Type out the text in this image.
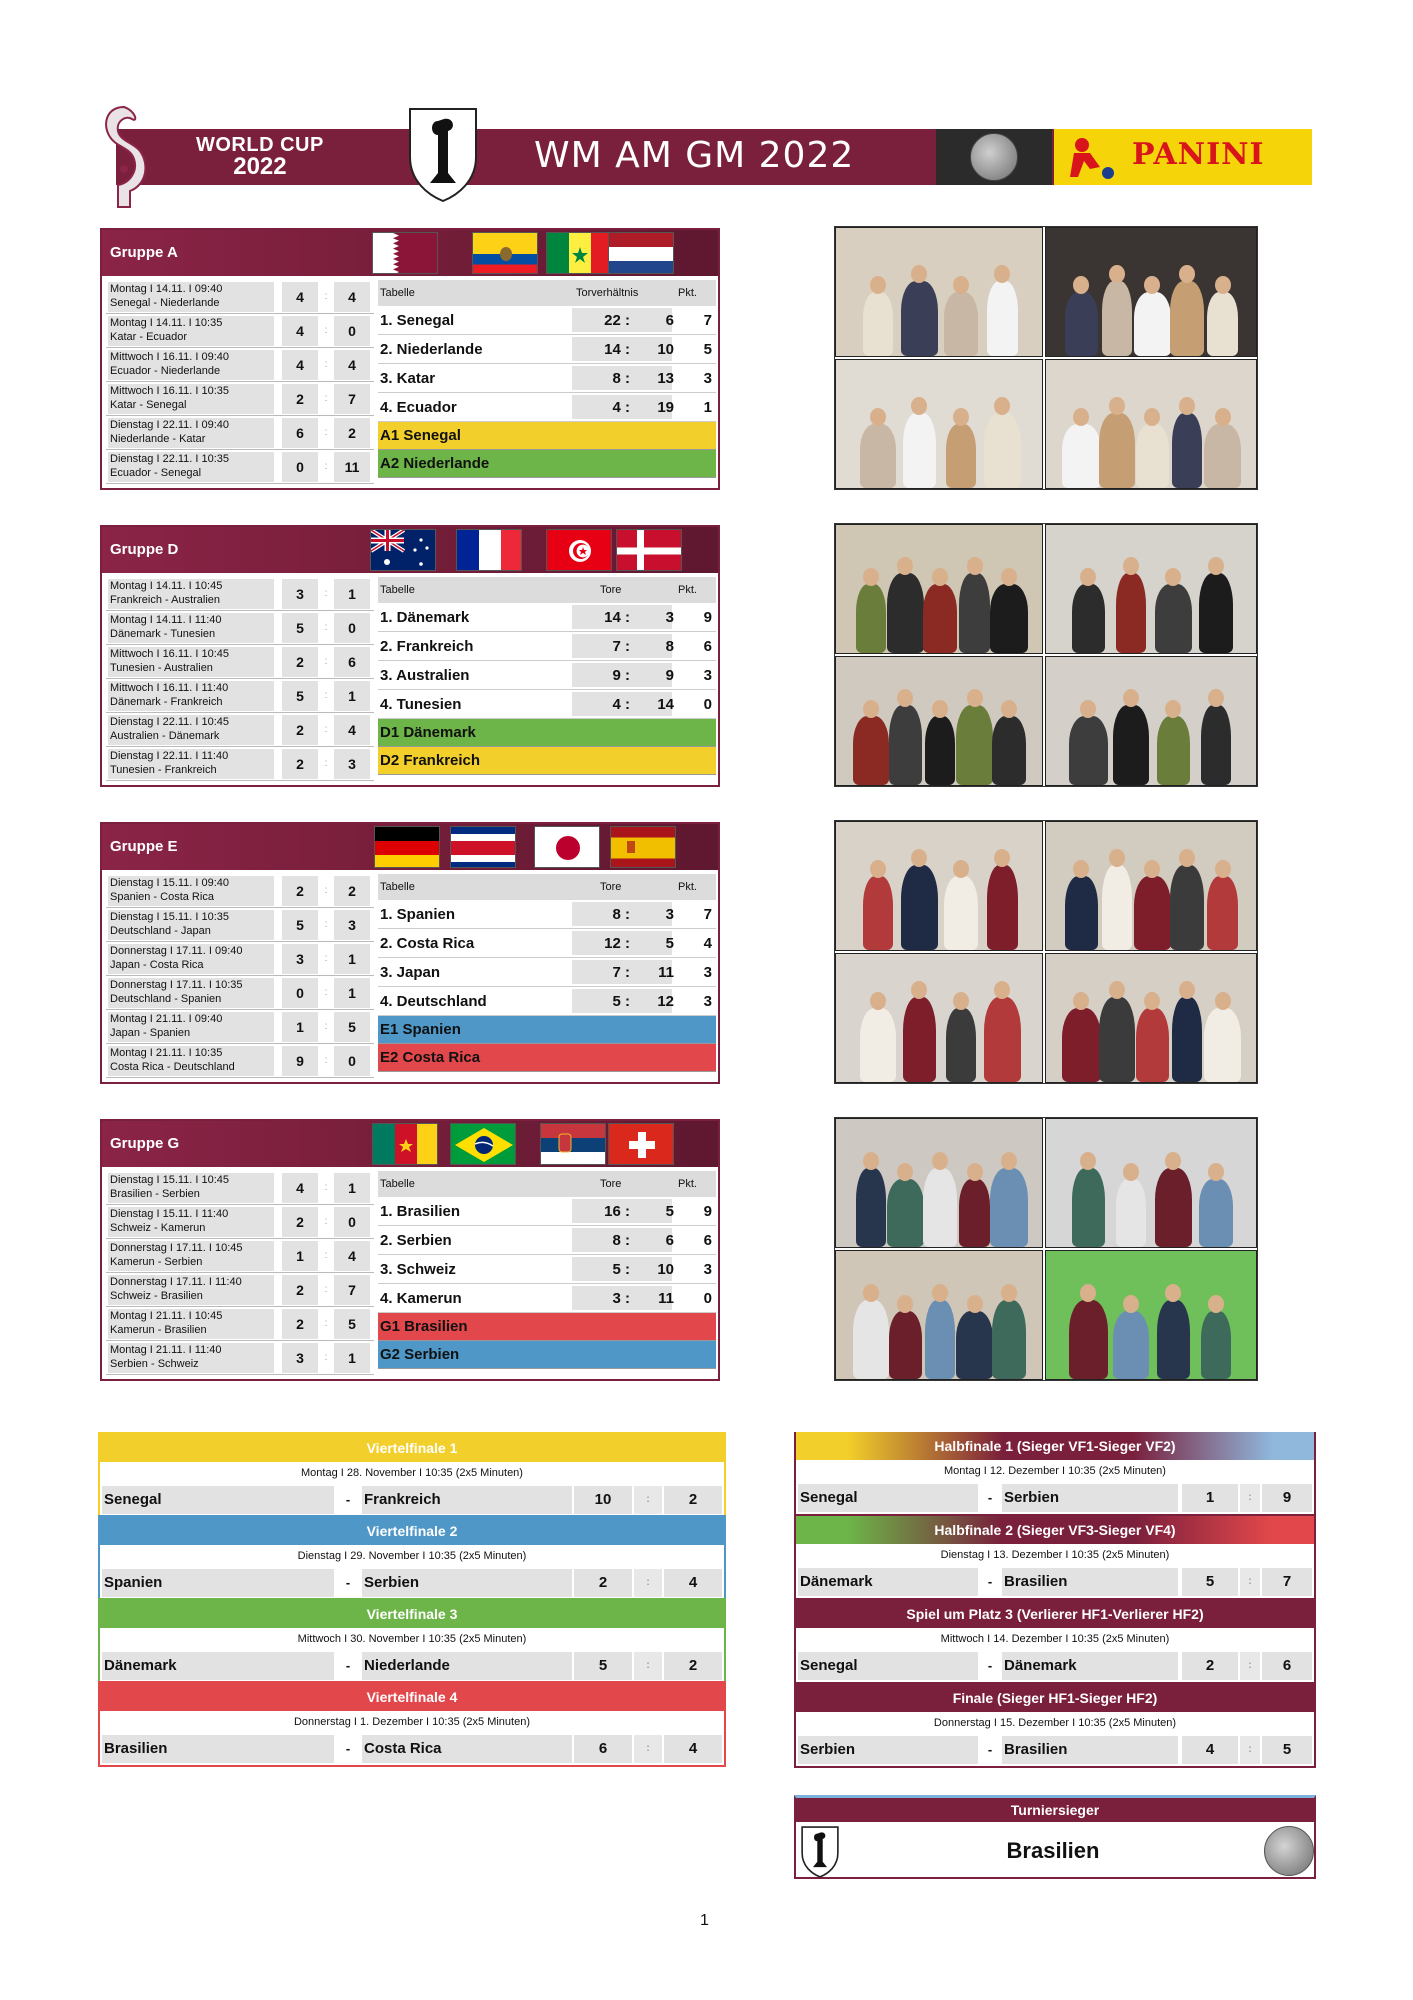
WORLD CUP
2022	WM AM GM 2022	PANINI
Gruppe A
Montag I 14.11. I 09:40
Senegal - Niederlande	4	:	4
Montag I 14.11. I 10:35
Katar - Ecuador	4	:	0
Mittwoch I 16.11. I 09:40
Ecuador - Niederlande	4	:	4
Mittwoch I 16.11. I 10:35
Katar - Senegal	2	:	7
Dienstag I 22.11. I 09:40
Niederlande - Katar	6	:	2
Dienstag I 22.11. I 10:35
Ecuador - Senegal	0	:	11
Tabelle	Torverhältnis	Pkt.
1. Senegal	22 :	6	7
2. Niederlande	14 :	10	5
3. Katar	8 :	13	3
4. Ecuador	4 :	19	1
A1 Senegal
A2 Niederlande
Gruppe D
Montag I 14.11. I 10:45
Frankreich - Australien	3	:	1
Montag I 14.11. I 11:40
Dänemark - Tunesien	5	:	0
Mittwoch I 16.11. I 10:45
Tunesien - Australien	2	:	6
Mittwoch I 16.11. I 11:40
Dänemark - Frankreich	5	:	1
Dienstag I 22.11. I 10:45
Australien - Dänemark	2	:	4
Dienstag I 22.11. I 11:40
Tunesien - Frankreich	2	:	3
Tabelle	Tore	Pkt.
1. Dänemark	14 :	3	9
2. Frankreich	7 :	8	6
3. Australien	9 :	9	3
4. Tunesien	4 :	14	0
D1 Dänemark
D2 Frankreich
Gruppe E
Dienstag I 15.11. I 09:40
Spanien - Costa Rica	2	:	2
Dienstag I 15.11. I 10:35
Deutschland - Japan	5	:	3
Donnerstag I 17.11. I 09:40
Japan - Costa Rica	3	:	1
Donnerstag I 17.11. I 10:35
Deutschland - Spanien	0	:	1
Montag I 21.11. I 09:40
Japan - Spanien	1	:	5
Montag I 21.11. I 10:35
Costa Rica - Deutschland	9	:	0
Tabelle	Tore	Pkt.
1. Spanien	8 :	3	7
2. Costa Rica	12 :	5	4
3. Japan	7 :	11	3
4. Deutschland	5 :	12	3
E1 Spanien
E2 Costa Rica
Gruppe G
Dienstag I 15.11. I 10:45
Brasilien - Serbien	4	:	1
Dienstag I 15.11. I 11:40
Schweiz - Kamerun	2	:	0
Donnerstag I 17.11. I 10:45
Kamerun - Serbien	1	:	4
Donnerstag I 17.11. I 11:40
Schweiz - Brasilien	2	:	7
Montag I 21.11. I 10:45
Kamerun - Brasilien	2	:	5
Montag I 21.11. I 11:40
Serbien - Schweiz	3	:	1
Tabelle	Tore	Pkt.
1. Brasilien	16 :	5	9
2. Serbien	8 :	6	6
3. Schweiz	5 :	10	3
4. Kamerun	3 :	11	0
G1 Brasilien
G2 Serbien
Viertelfinale 1
Montag I 28. November I 10:35 (2x5 Minuten)
Senegal	- Frankreich	10	:	2
Viertelfinale 2
Dienstag I 29. November I 10:35 (2x5 Minuten)
Spanien	- Serbien	2	:	4
Viertelfinale 3
Mittwoch I 30. November I 10:35 (2x5 Minuten)
Dänemark	- Niederlande	5	:	2
Viertelfinale 4
Donnerstag I 1. Dezember I 10:35 (2x5 Minuten)
Brasilien	- Costa Rica	6	:	4
Halbfinale 1 (Sieger VF1-Sieger VF2)
Montag I 12. Dezember I 10:35 (2x5 Minuten)
Senegal	- Serbien	1	:	9
Halbfinale 2 (Sieger VF3-Sieger VF4)
Dienstag I 13. Dezember I 10:35 (2x5 Minuten)
Dänemark	- Brasilien	5	:	7
Spiel um Platz 3 (Verlierer HF1-Verlierer HF2)
Mittwoch I 14. Dezember I 10:35 (2x5 Minuten)
Senegal	- Dänemark	2	:	6
Finale (Sieger HF1-Sieger HF2)
Donnerstag I 15. Dezember I 10:35 (2x5 Minuten)
Serbien	- Brasilien	4	:	5
Turniersieger
Brasilien
1
